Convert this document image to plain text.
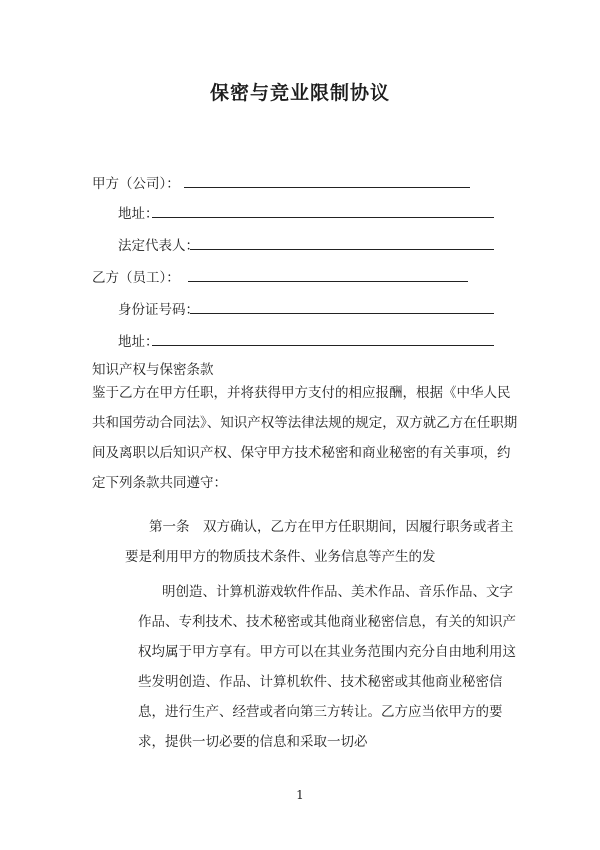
保密与竞业限制协议
甲方（公司）：
地址：
法定代表人：
乙方（员工）：
身份证号码：
地址：
知识产权与保密条款

鉴于乙方在甲方任职，并将获得甲方支付的相应报酬，根据《中华人民共和国劳动合同法》、知识产权等法律法规的规定，双方就乙方在任职期间及离职以后知识产权、保守甲方技术秘密和商业秘密的有关事项，约定下列条款共同遵守：

第一条　双方确认，乙方在甲方任职期间，因履行职务或者主要是利用甲方的物质技术条件、业务信息等产生的发

明创造、计算机游戏软件作品、美术作品、音乐作品、文字作品、专利技术、技术秘密或其他商业秘密信息，有关的知识产权均属于甲方享有。甲方可以在其业务范围内充分自由地利用这些发明创造、作品、计算机软件、技术秘密或其他商业秘密信息，进行生产、经营或者向第三方转让。乙方应当依甲方的要求，提供一切必要的信息和采取一切必

1
